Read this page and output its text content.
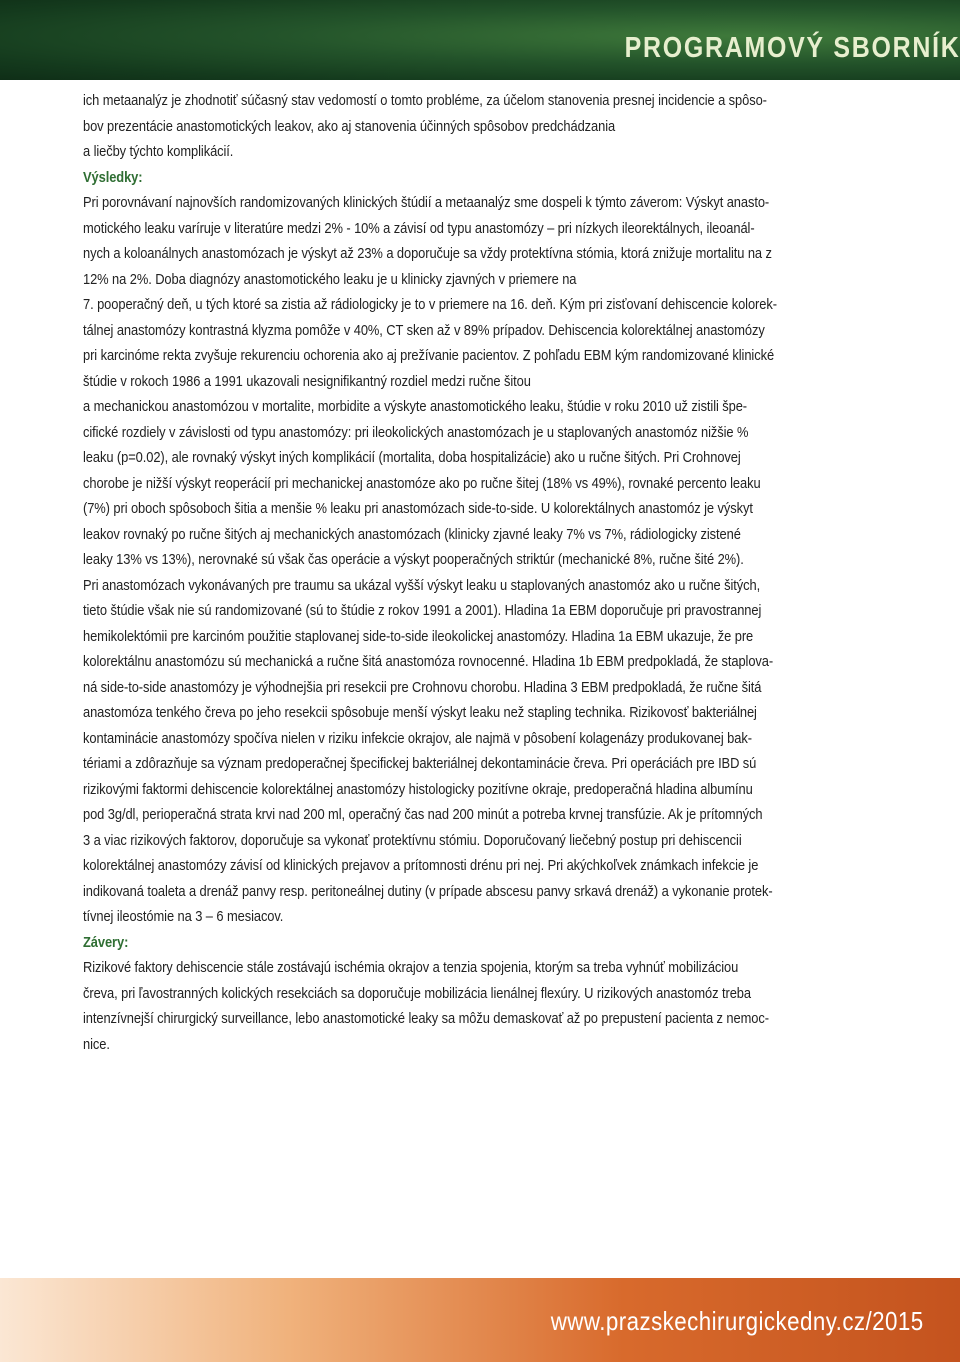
PROGRAMOVÝ SBORNÍK
ich metaanalýz je zhodnotiť súčasný stav vedomostí o tomto probléme, za účelom stanovenia presnej incidencie a spôso-
bov prezentácie anastomotických leakov, ako aj stanovenia účinných spôsobov predchádzania
a liečby týchto komplikácií.
Výsledky:
Pri porovnávaní najnovších randomizovaných klinických štúdií a metaanalýz sme dospeli k týmto záverom: Výskyt anasto-
motického leaku varíruje v literatúre medzi 2% - 10% a závisí od typu anastomózy – pri nízkych ileorektálnych, ileoanál-
nych a koloanálnych anastomózach je výskyt až 23% a doporučuje sa vždy protektívna stómia, ktorá znižuje mortalitu na z
12% na 2%. Doba diagnózy anastomotického leaku je u klinicky zjavných v priemere na
7. pooperačný deň, u tých ktoré sa zistia až rádiologicky je to v priemere na 16. deň. Kým pri zisťovaní dehiscencie kolorek-
tálnej anastomózy kontrastná klyzma pomôže v 40%, CT sken až v 89% prípadov. Dehiscencia kolorektálnej anastomózy
pri karcinóme rekta zvyšuje rekurenciu ochorenia ako aj prežívanie pacientov. Z pohľadu EBM kým randomizované klinické
štúdie v rokoch 1986 a 1991 ukazovali nesignifikantný rozdiel medzi ručne šitou
a mechanickou anastomózou v mortalite, morbidite a výskyte anastomotického leaku, štúdie v roku 2010 už zistili špe-
cifické rozdiely v závislosti od typu anastomózy: pri ileokolických anastomózach je u staplovaných anastomóz nižšie %
leaku (p=0.02), ale rovnaký výskyt iných komplikácií (mortalita, doba hospitalizácie) ako u ručne šitých. Pri Crohnovej
chorobe je nižší výskyt reoperácií pri mechanickej anastomóze ako po ručne šitej (18% vs 49%), rovnaké percento leaku
(7%) pri oboch spôsoboch šitia a menšie % leaku pri anastomózach side-to-side. U kolorektálnych anastomóz je výskyt
leakov rovnaký po ručne šitých aj mechanických anastomózach (klinicky zjavné leaky 7% vs 7%, rádiologicky zistené
leaky 13% vs 13%), nerovnaké sú však čas operácie a výskyt pooperačných striktúr (mechanické 8%, ručne šité 2%).
Pri anastomózach vykonávaných pre traumu sa ukázal vyšší výskyt leaku u staplovaných anastomóz ako u ručne šitých,
tieto štúdie však nie sú randomizované (sú to štúdie z rokov 1991 a 2001). Hladina 1a EBM doporučuje pri pravostrannej
hemikolektómii pre karcinóm použitie staplovanej side-to-side ileokolickej anastomózy. Hladina 1a EBM ukazuje, že pre
kolorektálnu anastomózu sú mechanická a ručne šitá anastomóza rovnocenné. Hladina 1b EBM predpokladá, že staplova-
ná side-to-side anastomózy je výhodnejšia pri resekcii pre Crohnovu chorobu. Hladina 3 EBM predpokladá, že ručne šitá
anastomóza tenkého čreva po jeho resekcii spôsobuje menší výskyt leaku než stapling technika. Rizikovosť bakteriálnej
kontaminácie anastomózy spočíva nielen v riziku infekcie okrajov, ale najmä v pôsobení kolagenázy produkovanej bak-
tériami a zdôrazňuje sa význam predoperačnej špecifickej bakteriálnej dekontaminácie čreva. Pri operáciách pre IBD sú
rizikovými faktormi dehiscencie kolorektálnej anastomózy histologicky pozitívne okraje, predoperačná hladina albumínu
pod 3g/dl, perioperačná strata krvi nad 200 ml, operačný čas nad 200 minút a potreba krvnej transfúzie. Ak je prítomných
3 a viac rizikových faktorov, doporučuje sa vykonať protektívnu stómiu. Doporučovaný liečebný postup pri dehiscencii
kolorektálnej anastomózy závisí od klinických prejavov a prítomnosti drénu pri nej. Pri akýchkoľvek známkach infekcie je
indikovaná toaleta a drenáž panvy resp. peritoneálnej dutiny (v prípade abscesu panvy srkavá drenáž) a vykonanie protek-
tívnej ileostómie na 3 – 6 mesiacov.
Závery:
Rizikové faktory dehiscencie stále zostávajú ischémia okrajov a tenzia spojenia, ktorým sa treba vyhnúť mobilizáciou
čreva, pri ľavostranných kolických resekciách sa doporučuje mobilizácia lienálnej flexúry. U rizikových anastomóz treba
intenzívnejší chirurgický surveillance, lebo anastomotické leaky sa môžu demaskovať až po prepustení pacienta z nemoc-
nice.
www.prazskechirurgickedny.cz/2015
